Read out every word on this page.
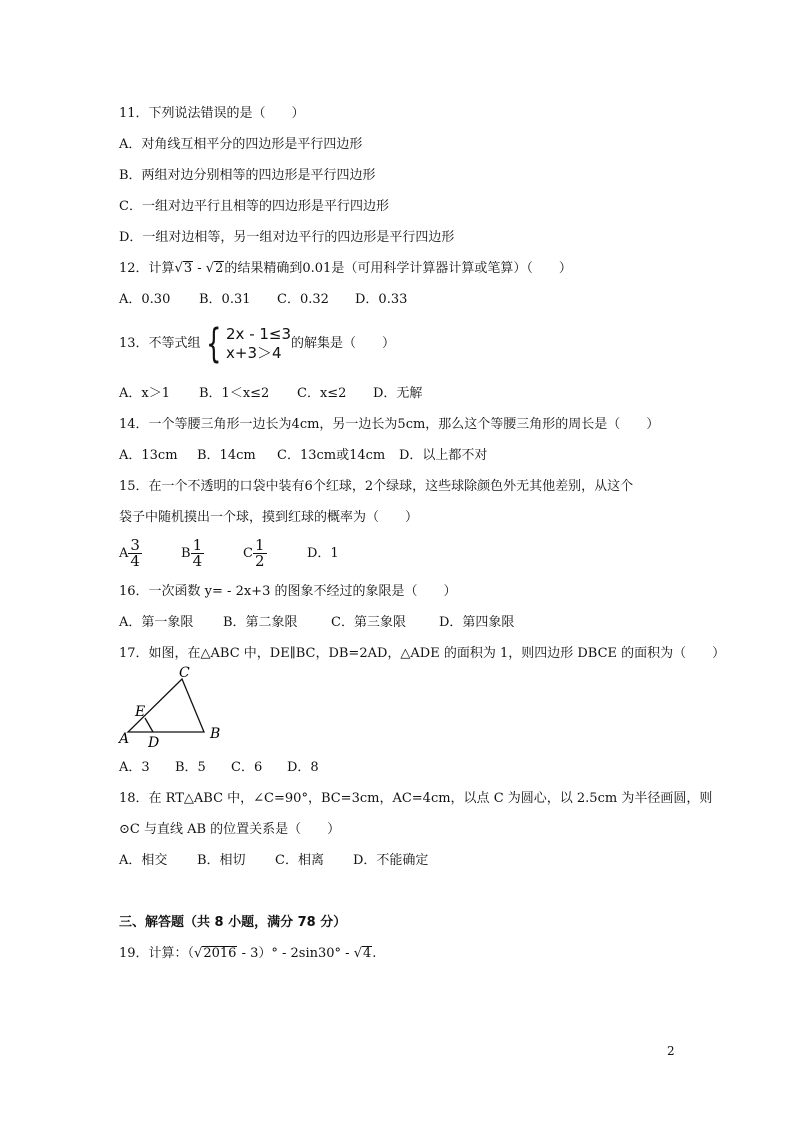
11．下列说法错误的是（　　）
A．对角线互相平分的四边形是平行四边形
B．两组对边分别相等的四边形是平行四边形
C．一组对边平行且相等的四边形是平行四边形
D．一组对边相等，另一组对边平行的四边形是平行四边形
12．计算√3 - √2的结果精确到0.01是（可用科学计算器计算或笔算）（　　）
A．0.30 B．0.31 C．0.32 D．0.33
13．不等式组 { 2x - 1≤3
x+3＞4 的解集是（　　）
A．x＞1 B．1＜x≤2 C．x≤2 D．无解
14．一个等腰三角形一边长为4cm，另一边长为5cm，那么这个等腰三角形的周长是（　　）
A．13cm B．14cm C．13cm或14cm D．以上都不对
15．在一个不透明的口袋中装有6个红球，2个绿球，这些球除颜色外无其他差别，从这个
袋子中随机摸出一个球，摸到红球的概率为（　　）
A $\frac{3}{4}$	B $\frac{1}{4}$	C $\frac{1}{2}$	D．1
16．一次函数 y= - 2x+3 的图象不经过的象限是（　　）
A．第一象限 B．第二象限	C．第三象限	D．第四象限
17．如图，在△ABC 中，DE∥BC，DB=2AD，△ADE 的面积为 1，则四边形 DBCE 的面积为（　　）
C
E
A D
B
A．3 B．5 C．6 D．8
18．在 RT△ABC 中，∠C=90°，BC=3cm，AC=4cm，以点 C 为圆心，以 2.5cm 为半径画圆，则
⊙C 与直线 AB 的位置关系是（　　）
A．相交 B．相切 C．相离 D．不能确定
三、解答题（共 8 小题，满分 78 分）
19．计算：（√2016 - 3）° - 2sin30° - √4.
2
